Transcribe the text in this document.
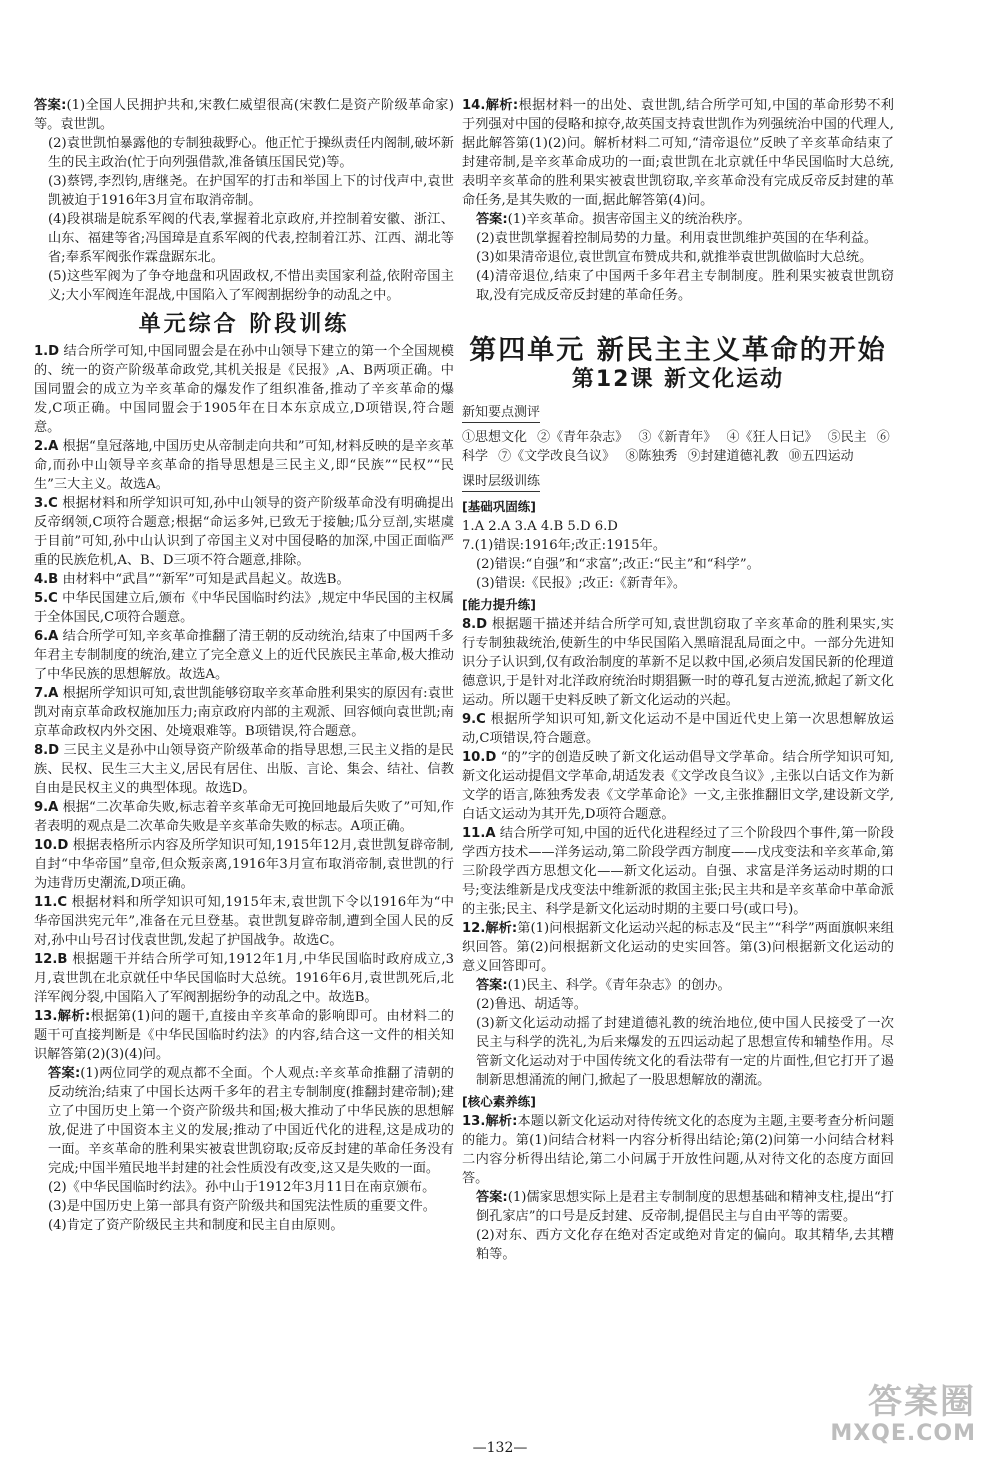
答案:(1)全国人民拥护共和,宋教仁威望很高(宋教仁是资产阶级革命家)等。袁世凯。

(2)袁世凯怕暴露他的专制独裁野心。他正忙于操纵责任内阁制,破坏新生的民主政治(忙于向列强借款,准备镇压国民党)等。

(3)蔡锷,李烈钧,唐继尧。在护国军的打击和举国上下的讨伐声中,袁世凯被迫于1916年3月宣布取消帝制。

(4)段祺瑞是皖系军阀的代表,掌握着北京政府,并控制着安徽、浙江、山东、福建等省;冯国璋是直系军阀的代表,控制着江苏、江西、湖北等省;奉系军阀张作霖盘踞东北。

(5)这些军阀为了争夺地盘和巩固政权,不惜出卖国家利益,依附帝国主义;大小军阀连年混战,中国陷入了军阀割据纷争的动乱之中。

单元综合 阶段训练

1.D 结合所学可知,中国同盟会是在孙中山领导下建立的第一个全国规模的、统一的资产阶级革命政党,其机关报是《民报》,A、B两项正确。中国同盟会的成立为辛亥革命的爆发作了组织准备,推动了辛亥革命的爆发,C项正确。中国同盟会于1905年在日本东京成立,D项错误,符合题意。

2.A 根据“皇冠落地,中国历史从帝制走向共和”可知,材料反映的是辛亥革命,而孙中山领导辛亥革命的指导思想是三民主义,即“民族”“民权”“民生”三大主义。故选A。

3.C 根据材料和所学知识可知,孙中山领导的资产阶级革命没有明确提出反帝纲领,C项符合题意;根据“命运多舛,已致无于接触;瓜分豆剖,实堪虞于目前”可知,孙中山认识到了帝国主义对中国侵略的加深,中国正面临严重的民族危机,A、B、D三项不符合题意,排除。

4.B 由材料中“武昌”“新军”可知是武昌起义。故选B。

5.C 中华民国建立后,颁布《中华民国临时约法》,规定中华民国的主权属于全体国民,C项符合题意。

6.A 结合所学可知,辛亥革命推翻了清王朝的反动统治,结束了中国两千多年君主专制制度的统治,建立了完全意义上的近代民族民主革命,极大推动了中华民族的思想解放。故选A。

7.A 根据所学知识可知,袁世凯能够窃取辛亥革命胜利果实的原因有:袁世凯对南京革命政权施加压力;南京政府内部的主观派、回容倾向袁世凯;南京革命政权内外交困、处境艰难等。B项错误,符合题意。

8.D 三民主义是孙中山领导资产阶级革命的指导思想,三民主义指的是民族、民权、民生三大主义,居民有居住、出版、言论、集会、结社、信教自由是民权主义的典型体现。故选D。

9.A 根据“二次革命失败,标志着辛亥革命无可挽回地最后失败了”可知,作者表明的观点是二次革命失败是辛亥革命失败的标志。A项正确。

10.D 根据表格所示内容及所学知识可知,1915年12月,袁世凯复辟帝制,自封“中华帝国”皇帝,但众叛亲离,1916年3月宣布取消帝制,袁世凯的行为违背历史潮流,D项正确。

11.C 根据材料和所学知识可知,1915年末,袁世凯下令以1916年为“中华帝国洪宪元年”,准备在元旦登基。袁世凯复辟帝制,遭到全国人民的反对,孙中山号召讨伐袁世凯,发起了护国战争。故选C。

12.B 根据题干并结合所学可知,1912年1月,中华民国临时政府成立,3月,袁世凯在北京就任中华民国临时大总统。1916年6月,袁世凯死后,北洋军阀分裂,中国陷入了军阀割据纷争的动乱之中。故选B。

13.解析:根据第(1)问的题干,直接由辛亥革命的影响即可。由材料二的题干可直接判断是《中华民国临时约法》的内容,结合这一文件的相关知识解答第(2)(3)(4)问。

答案:(1)两位同学的观点都不全面。个人观点:辛亥革命推翻了清朝的反动统治;结束了中国长达两千多年的君主专制制度(推翻封建帝制);建立了中国历史上第一个资产阶级共和国;极大推动了中华民族的思想解放,促进了中国资本主义的发展;推动了中国近代化的进程,这是成功的一面。辛亥革命的胜利果实被袁世凯窃取;反帝反封建的革命任务没有完成;中国半殖民地半封建的社会性质没有改变,这又是失败的一面。

(2)《中华民国临时约法》。孙中山于1912年3月11日在南京颁布。

(3)是中国历史上第一部具有资产阶级共和国宪法性质的重要文件。

(4)肯定了资产阶级民主共和制度和民主自由原则。

14.解析:根据材料一的出处、袁世凯,结合所学可知,中国的革命形势不利于列强对中国的侵略和掠夺,故英国支持袁世凯作为列强统治中国的代理人,据此解答第(1)(2)问。解析材料二可知,“清帝退位”反映了辛亥革命结束了封建帝制,是辛亥革命成功的一面;袁世凯在北京就任中华民国临时大总统,表明辛亥革命的胜利果实被袁世凯窃取,辛亥革命没有完成反帝反封建的革命任务,是其失败的一面,据此解答第(4)问。

答案:(1)辛亥革命。损害帝国主义的统治秩序。

(2)袁世凯掌握着控制局势的力量。利用袁世凯维护英国的在华利益。

(3)如果清帝退位,袁世凯宣布赞成共和,就推举袁世凯做临时大总统。

(4)清帝退位,结束了中国两千多年君主专制制度。胜利果实被袁世凯窃取,没有完成反帝反封建的革命任务。

第四单元 新民主主义革命的开始
第12课 新文化运动
新知要点测评
①思想文化 ②《青年杂志》 ③《新青年》 ④《狂人日记》 ⑤民主 ⑥科学 ⑦《文学改良刍议》 ⑧陈独秀 ⑨封建道德礼教 ⑩五四运动
课时层级训练
[基础巩固练]

1.A 2.A 3.A 4.B 5.D 6.D

7.(1)错误:1916年;改正:1915年。

(2)错误:“自强”和“求富”;改正:“民主”和“科学”。

(3)错误:《民报》;改正:《新青年》。

[能力提升练]

8.D 根据题干描述并结合所学可知,袁世凯窃取了辛亥革命的胜利果实,实行专制独裁统治,使新生的中华民国陷入黑暗混乱局面之中。一部分先进知识分子认识到,仅有政治制度的革新不足以救中国,必须启发国民新的伦理道德意识,于是针对北洋政府统治时期猖獗一时的尊孔复古逆流,掀起了新文化运动。所以题干史料反映了新文化运动的兴起。

9.C 根据所学知识可知,新文化运动不是中国近代史上第一次思想解放运动,C项错误,符合题意。

10.D “的”字的创造反映了新文化运动倡导文学革命。结合所学知识可知,新文化运动提倡文学革命,胡适发表《文学改良刍议》,主张以白话文作为新文学的语言,陈独秀发表《文学革命论》一文,主张推翻旧文学,建设新文学,白话文运动为其开先,D项符合题意。

11.A 结合所学可知,中国的近代化进程经过了三个阶段四个事件,第一阶段学西方技术——洋务运动,第二阶段学西方制度——戊戌变法和辛亥革命,第三阶段学西方思想文化——新文化运动。自强、求富是洋务运动时期的口号;变法维新是戊戌变法中维新派的救国主张;民主共和是辛亥革命中革命派的主张;民主、科学是新文化运动时期的主要口号(或口号)。

12.解析:第(1)问根据新文化运动兴起的标志及“民主”“科学”两面旗帜来组织回答。第(2)问根据新文化运动的史实回答。第(3)问根据新文化运动的意义回答即可。

答案:(1)民主、科学。《青年杂志》的创办。

(2)鲁迅、胡适等。

(3)新文化运动动摇了封建道德礼教的统治地位,使中国人民接受了一次民主与科学的洗礼,为后来爆发的五四运动起了思想宣传和辅垫作用。尽管新文化运动对于中国传统文化的看法带有一定的片面性,但它打开了遏制新思想涌流的闸门,掀起了一股思想解放的潮流。

[核心素养练]

13.解析:本题以新文化运动对待传统文化的态度为主题,主要考查分析问题的能力。第(1)问结合材料一内容分析得出结论;第(2)问第一小问结合材料二内容分析得出结论,第二小问属于开放性问题,从对待文化的态度方面回答。

答案:(1)儒家思想实际上是君主专制制度的思想基础和精神支柱,提出“打倒孔家店”的口号是反封建、反帝制,提倡民主与自由平等的需要。

(2)对东、西方文化存在绝对否定或绝对肯定的偏向。取其精华,去其糟粕等。

—132—
答案圈
MXQE.COM
